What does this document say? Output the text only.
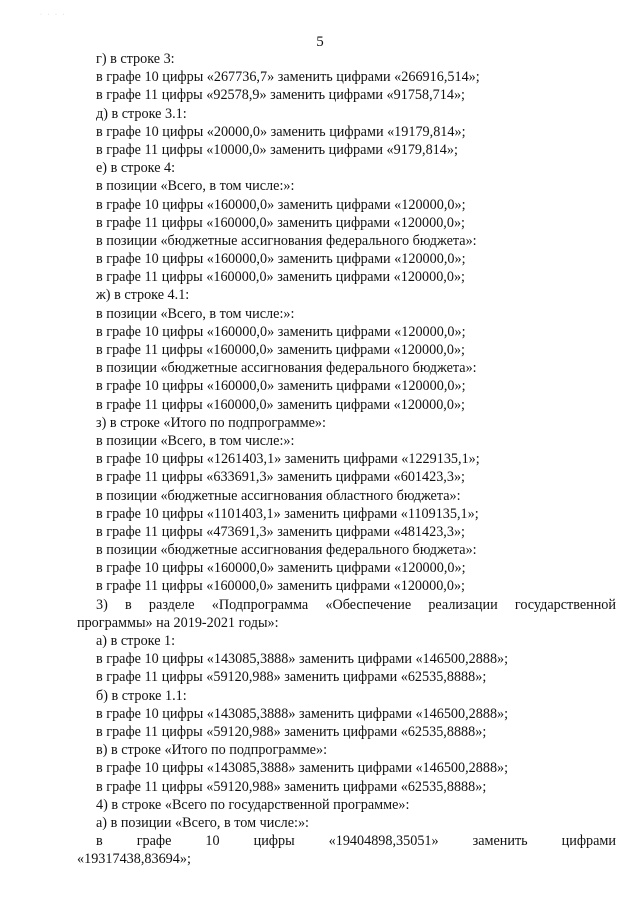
· · · ·
5
г) в строке 3:
в графе 10 цифры «267736,7» заменить цифрами «266916,514»;
в графе 11 цифры «92578,9» заменить цифрами «91758,714»;
д) в строке 3.1:
в графе 10 цифры «20000,0» заменить цифрами «19179,814»;
в графе 11 цифры «10000,0» заменить цифрами «9179,814»;
е) в строке 4:
в позиции «Всего, в том числе:»:
в графе 10 цифры «160000,0» заменить цифрами «120000,0»;
в графе 11 цифры «160000,0» заменить цифрами «120000,0»;
в позиции «бюджетные ассигнования федерального бюджета»:
в графе 10 цифры «160000,0» заменить цифрами «120000,0»;
в графе 11 цифры «160000,0» заменить цифрами «120000,0»;
ж) в строке 4.1:
в позиции «Всего, в том числе:»:
в графе 10 цифры «160000,0» заменить цифрами «120000,0»;
в графе 11 цифры «160000,0» заменить цифрами «120000,0»;
в позиции «бюджетные ассигнования федерального бюджета»:
в графе 10 цифры «160000,0» заменить цифрами «120000,0»;
в графе 11 цифры «160000,0» заменить цифрами «120000,0»;
з) в строке «Итого по подпрограмме»:
в позиции «Всего, в том числе:»:
в графе 10 цифры «1261403,1» заменить цифрами «1229135,1»;
в графе 11 цифры «633691,3» заменить цифрами «601423,3»;
в позиции «бюджетные ассигнования областного бюджета»:
в графе 10 цифры «1101403,1» заменить цифрами «1109135,1»;
в графе 11 цифры «473691,3» заменить цифрами «481423,3»;
в позиции «бюджетные ассигнования федерального бюджета»:
в графе 10 цифры «160000,0» заменить цифрами «120000,0»;
в графе 11 цифры «160000,0» заменить цифрами «120000,0»;
3) в разделе «Подпрограмма «Обеспечение реализации государственной
программы» на 2019-2021 годы»:
а) в строке 1:
в графе 10 цифры «143085,3888» заменить цифрами «146500,2888»;
в графе 11 цифры «59120,988» заменить цифрами «62535,8888»;
б) в строке 1.1:
в графе 10 цифры «143085,3888» заменить цифрами «146500,2888»;
в графе 11 цифры «59120,988» заменить цифрами «62535,8888»;
в) в строке «Итого по подпрограмме»:
в графе 10 цифры «143085,3888» заменить цифрами «146500,2888»;
в графе 11 цифры «59120,988» заменить цифрами «62535,8888»;
4) в строке «Всего по государственной программе»:
а) в позиции «Всего, в том числе:»:
в графе 10 цифры «19404898,35051» заменить цифрами
«19317438,83694»;
